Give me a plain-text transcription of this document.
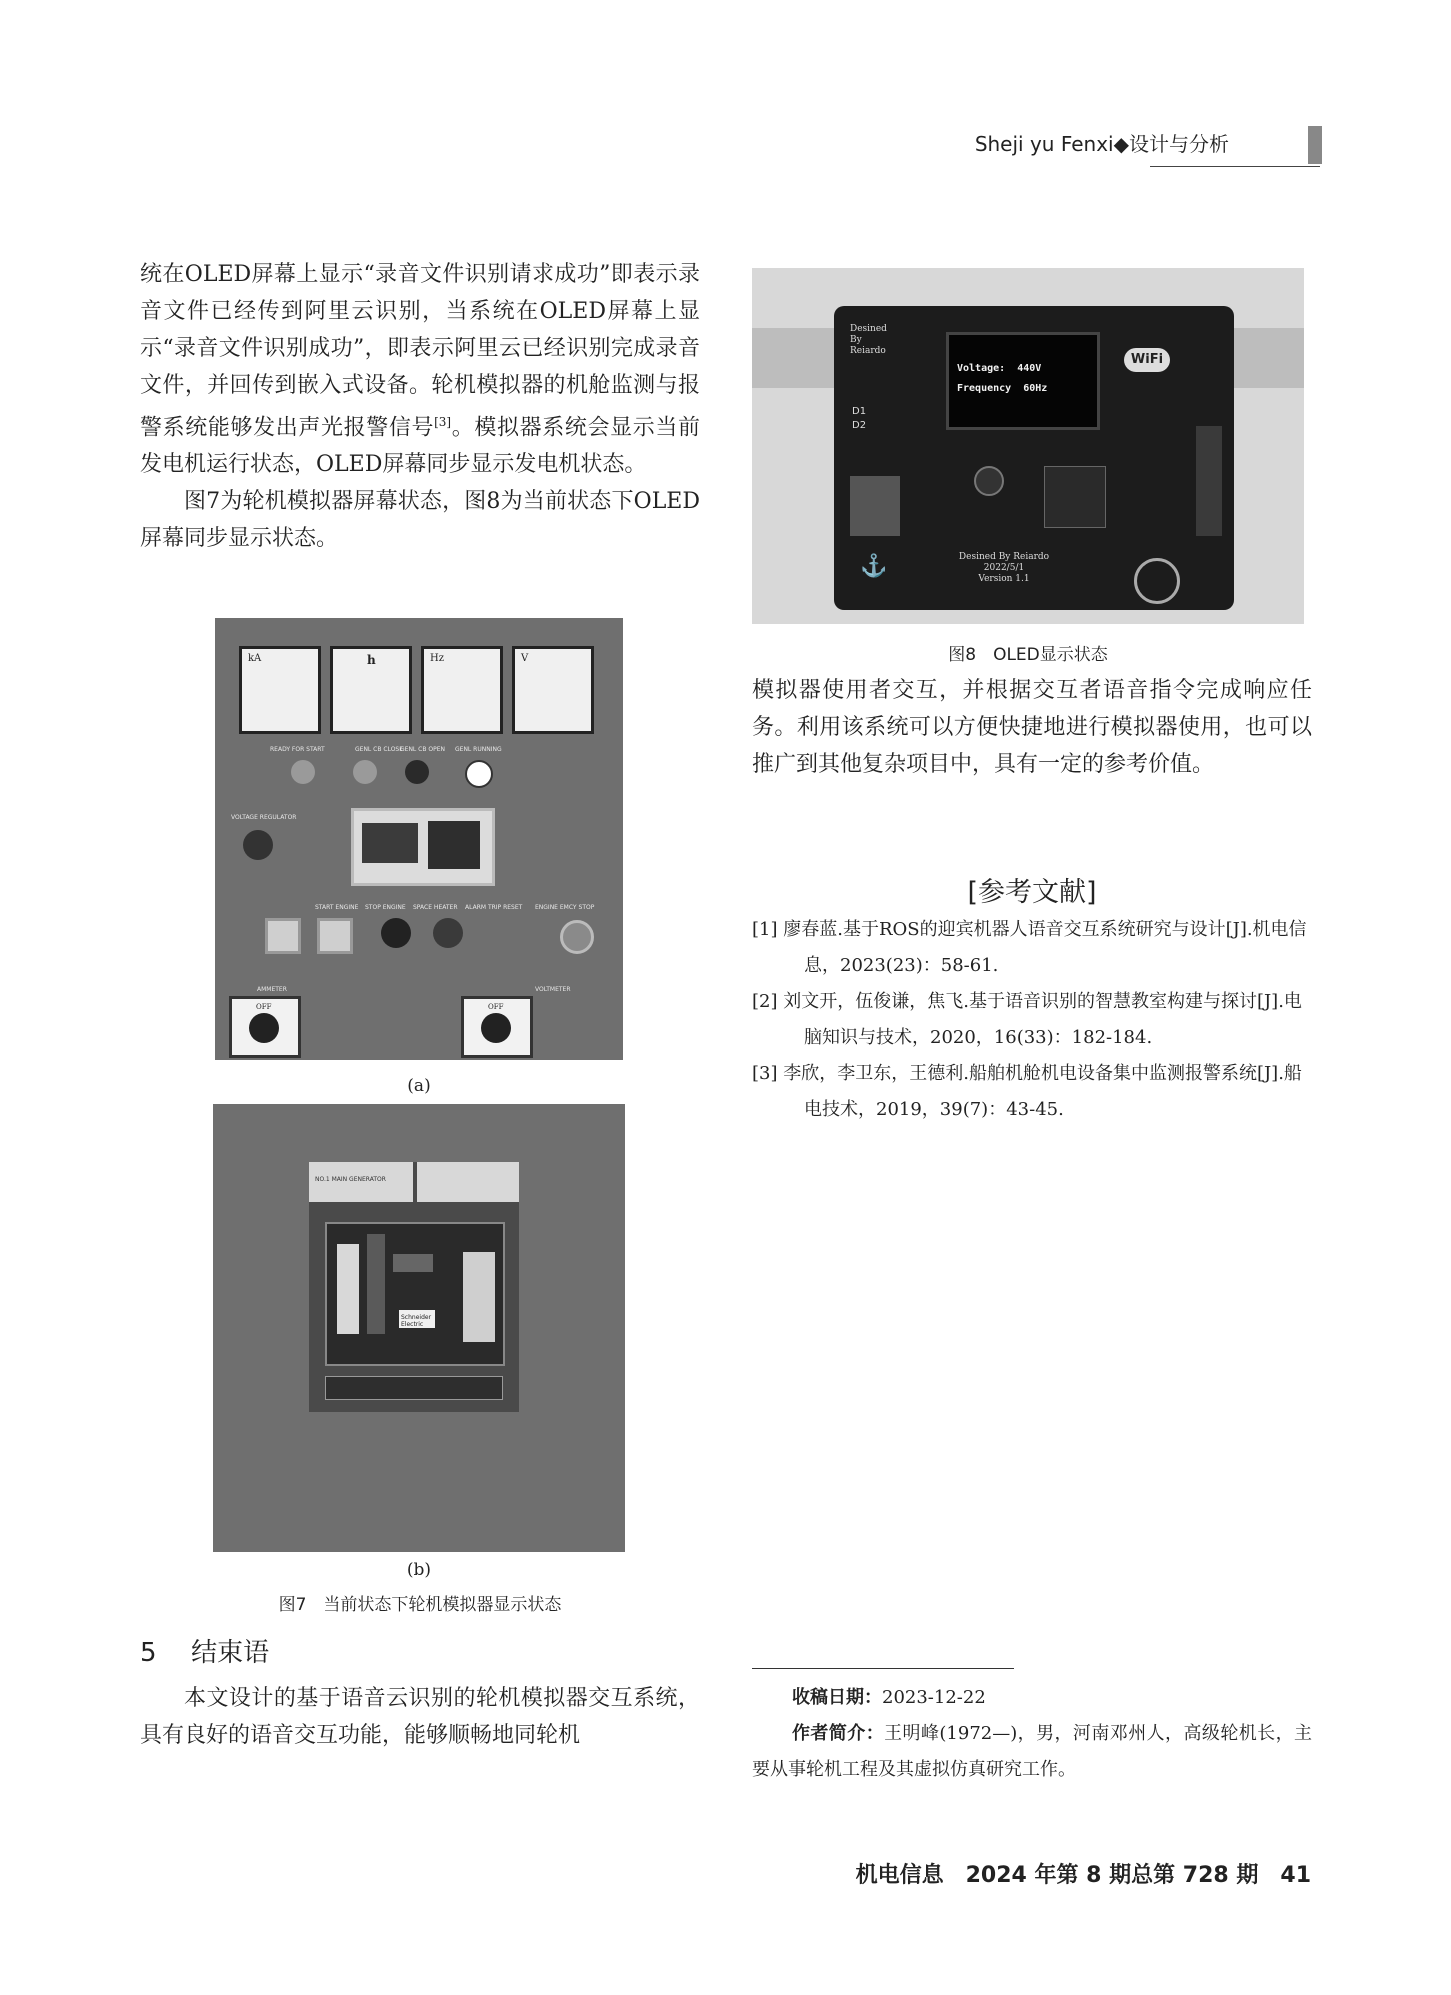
Sheji yu Fenxi◆设计与分析

统在OLED屏幕上显示“录音文件识别请求成功”即表示录音文件已经传到阿里云识别，当系统在OLED屏幕上显示“录音文件识别成功”，即表示阿里云已经识别完成录音文件，并回传到嵌入式设备。轮机模拟器的机舱监测与报警系统能够发出声光报警信号[3]。模拟器系统会显示当前发电机运行状态，OLED屏幕同步显示发电机状态。

图7为轮机模拟器屏幕状态，图8为当前状态下OLED屏幕同步显示状态。

kA	h	Hz	V
READY FOR START	GENL CB CLOSE
GENL CB OPEN GENL RUNNING
VOLTAGE REGULATOR
START ENGINE STOP ENGINE SPACE HEATER ALARM TRIP RESET ENGINE EMCY STOP
AMMETER	VOLTMETER
OFF	OFF
(a)
NO.1 MAIN GENERATOR
Schneider Electric
(b)
图7　当前状态下轮机模拟器显示状态
5 结束语

本文设计的基于语音云识别的轮机模拟器交互系统，具有良好的语音交互功能，能够顺畅地同轮机

Desined By Reiardo
Voltage:  440V
Frequency  60Hz
WiFi
D1
D2
⚓	Desined By Reiardo
2022/5/1
Version 1.1
图8　OLED显示状态

模拟器使用者交互，并根据交互者语音指令完成响应任务。利用该系统可以方便快捷地进行模拟器使用，也可以推广到其他复杂项目中，具有一定的参考价值。

[参考文献]
[1] 廖春蓝.基于ROS的迎宾机器人语音交互系统研究与设计[J].机电信息，2023(23)：58-61.
[2] 刘文开，伍俊谦，焦飞.基于语音识别的智慧教室构建与探讨[J].电脑知识与技术，2020，16(33)：182-184.
[3] 李欣，李卫东，王德利.船舶机舱机电设备集中监测报警系统[J].船电技术，2019，39(7)：43-45.
收稿日期：2023-12-22
作者简介：王明峰(1972—)，男，河南邓州人，高级轮机长，主要从事轮机工程及其虚拟仿真研究工作。
机电信息　2024 年第 8 期总第 728 期　41
